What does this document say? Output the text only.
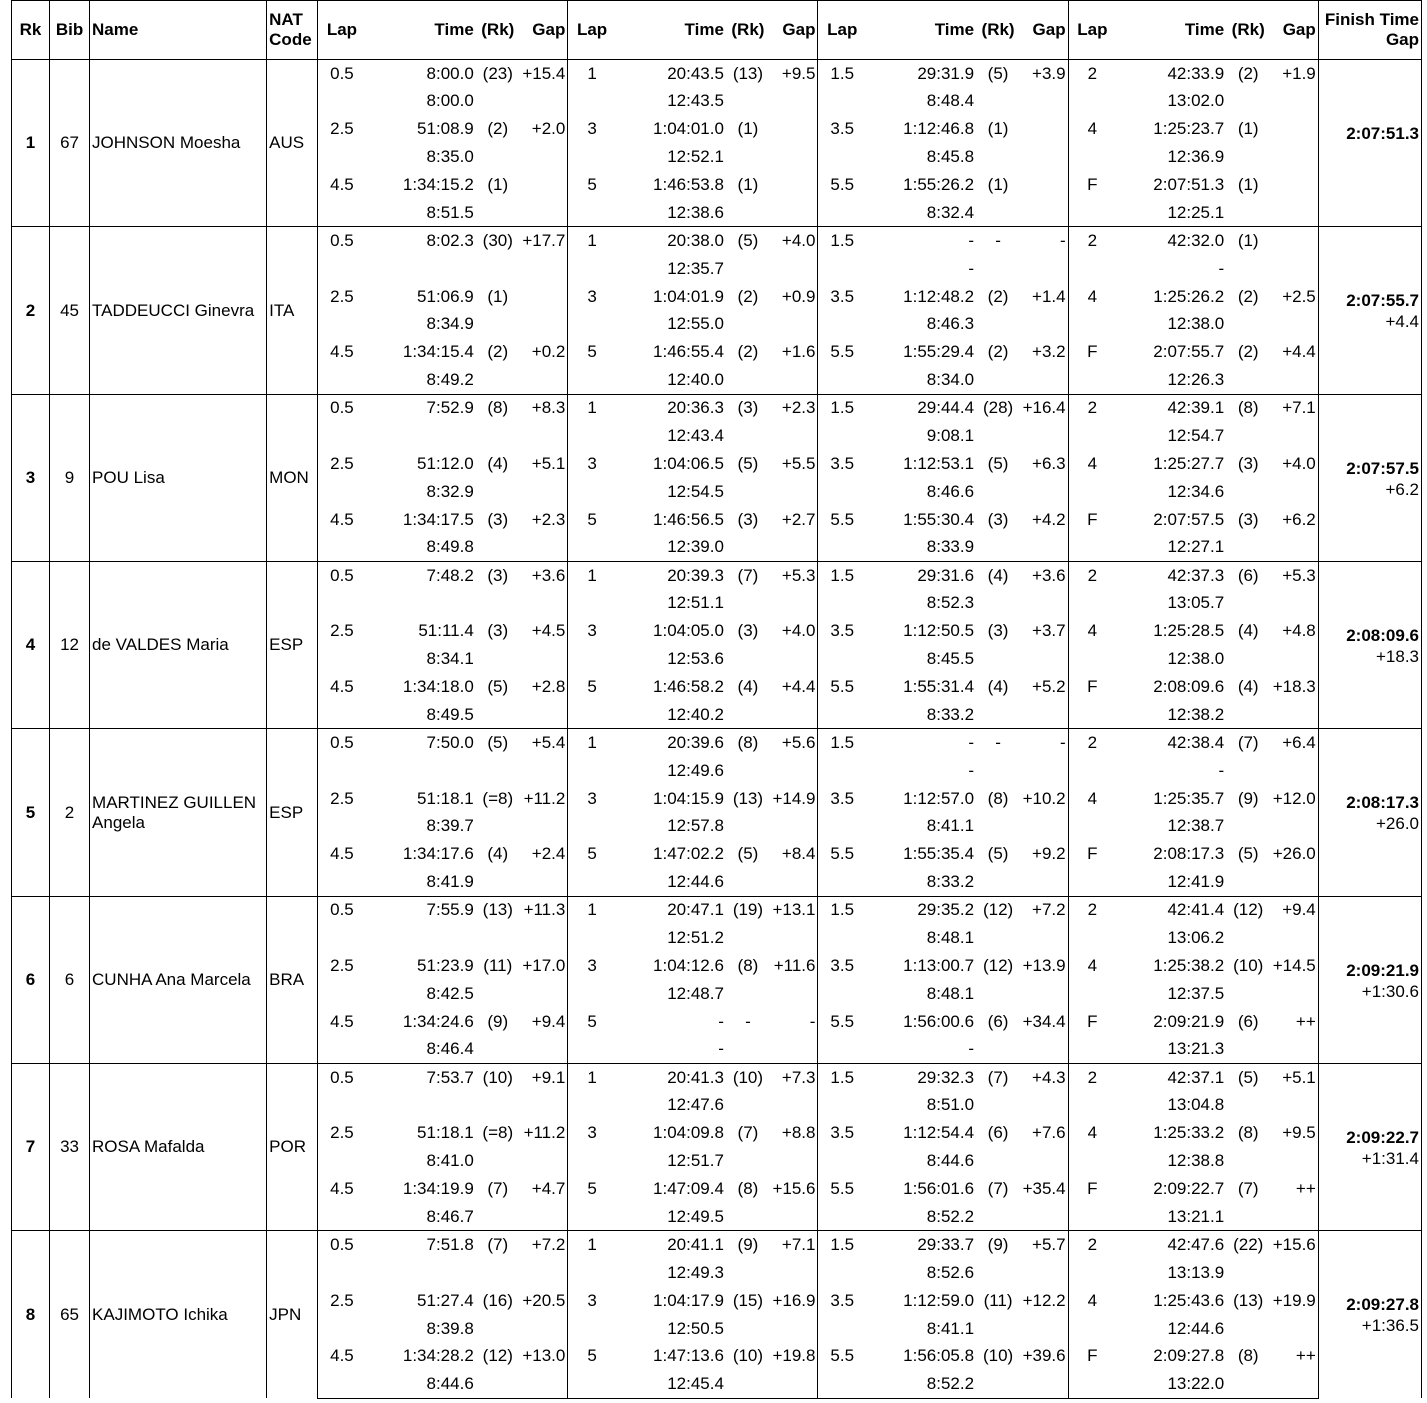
Rk	Bib	Name	NAT
Code	Lap	Time	(Rk)	Gap	Lap	Time	(Rk)	Gap	Lap	Time	(Rk)	Gap	Lap	Time	(Rk)	Gap	Finish Time
Gap
1	67	JOHNSON Moesha	AUS	0.5	8:00.0	(23)	+15.4	1	20:43.5	(13)	+9.5	1.5	29:31.9	(5)	+3.9	2	42:33.9	(2)	+1.9	2:07:51.3

					8:00.0				12:43.5				8:48.4				13:02.0			
				2.5	51:08.9	(2)	+2.0	3	1:04:01.0	(1)		3.5	1:12:46.8	(1)		4	1:25:23.7	(1)		
					8:35.0				12:52.1				8:45.8				12:36.9			
				4.5	1:34:15.2	(1)		5	1:46:53.8	(1)		5.5	1:55:26.2	(1)		F	2:07:51.3	(1)		
					8:51.5				12:38.6				8:32.4				12:25.1			
2	45	TADDEUCCI Ginevra	ITA	0.5	8:02.3	(30)	+17.7	1	20:38.0	(5)	+4.0	1.5	-	-	-	2	42:32.0	(1)		2:07:55.7
+4.4

									12:35.7				-				-			
				2.5	51:06.9	(1)		3	1:04:01.9	(2)	+0.9	3.5	1:12:48.2	(2)	+1.4	4	1:25:26.2	(2)	+2.5	
					8:34.9				12:55.0				8:46.3				12:38.0			
				4.5	1:34:15.4	(2)	+0.2	5	1:46:55.4	(2)	+1.6	5.5	1:55:29.4	(2)	+3.2	F	2:07:55.7	(2)	+4.4	
					8:49.2				12:40.0				8:34.0				12:26.3			
3	9	POU Lisa	MON	0.5	7:52.9	(8)	+8.3	1	20:36.3	(3)	+2.3	1.5	29:44.4	(28)	+16.4	2	42:39.1	(8)	+7.1	2:07:57.5
+6.2

									12:43.4				9:08.1				12:54.7			
				2.5	51:12.0	(4)	+5.1	3	1:04:06.5	(5)	+5.5	3.5	1:12:53.1	(5)	+6.3	4	1:25:27.7	(3)	+4.0	
					8:32.9				12:54.5				8:46.6				12:34.6			
				4.5	1:34:17.5	(3)	+2.3	5	1:46:56.5	(3)	+2.7	5.5	1:55:30.4	(3)	+4.2	F	2:07:57.5	(3)	+6.2	
					8:49.8				12:39.0				8:33.9				12:27.1			
4	12	de VALDES Maria	ESP	0.5	7:48.2	(3)	+3.6	1	20:39.3	(7)	+5.3	1.5	29:31.6	(4)	+3.6	2	42:37.3	(6)	+5.3	2:08:09.6
+18.3

									12:51.1				8:52.3				13:05.7			
				2.5	51:11.4	(3)	+4.5	3	1:04:05.0	(3)	+4.0	3.5	1:12:50.5	(3)	+3.7	4	1:25:28.5	(4)	+4.8	
					8:34.1				12:53.6				8:45.5				12:38.0			
				4.5	1:34:18.0	(5)	+2.8	5	1:46:58.2	(4)	+4.4	5.5	1:55:31.4	(4)	+5.2	F	2:08:09.6	(4)	+18.3	
					8:49.5				12:40.2				8:33.2				12:38.2			
5	2	MARTINEZ GUILLEN Angela	ESP	0.5	7:50.0	(5)	+5.4	1	20:39.6	(8)	+5.6	1.5	-	-	-	2	42:38.4	(7)	+6.4	2:08:17.3
+26.0

									12:49.6				-				-			
				2.5	51:18.1	(=8)	+11.2	3	1:04:15.9	(13)	+14.9	3.5	1:12:57.0	(8)	+10.2	4	1:25:35.7	(9)	+12.0	
					8:39.7				12:57.8				8:41.1				12:38.7			
				4.5	1:34:17.6	(4)	+2.4	5	1:47:02.2	(5)	+8.4	5.5	1:55:35.4	(5)	+9.2	F	2:08:17.3	(5)	+26.0	
					8:41.9				12:44.6				8:33.2				12:41.9			
6	6	CUNHA Ana Marcela	BRA	0.5	7:55.9	(13)	+11.3	1	20:47.1	(19)	+13.1	1.5	29:35.2	(12)	+7.2	2	42:41.4	(12)	+9.4	2:09:21.9
+1:30.6

									12:51.2				8:48.1				13:06.2			
				2.5	51:23.9	(11)	+17.0	3	1:04:12.6	(8)	+11.6	3.5	1:13:00.7	(12)	+13.9	4	1:25:38.2	(10)	+14.5	
					8:42.5				12:48.7				8:48.1				12:37.5			
				4.5	1:34:24.6	(9)	+9.4	5	-	-	-	5.5	1:56:00.6	(6)	+34.4	F	2:09:21.9	(6)	++	
					8:46.4				-				-				13:21.3			
7	33	ROSA Mafalda	POR	0.5	7:53.7	(10)	+9.1	1	20:41.3	(10)	+7.3	1.5	29:32.3	(7)	+4.3	2	42:37.1	(5)	+5.1	2:09:22.7
+1:31.4

									12:47.6				8:51.0				13:04.8			
				2.5	51:18.1	(=8)	+11.2	3	1:04:09.8	(7)	+8.8	3.5	1:12:54.4	(6)	+7.6	4	1:25:33.2	(8)	+9.5	
					8:41.0				12:51.7				8:44.6				12:38.8			
				4.5	1:34:19.9	(7)	+4.7	5	1:47:09.4	(8)	+15.6	5.5	1:56:01.6	(7)	+35.4	F	2:09:22.7	(7)	++	
					8:46.7				12:49.5				8:52.2				13:21.1			
8	65	KAJIMOTO Ichika	JPN	0.5	7:51.8	(7)	+7.2	1	20:41.1	(9)	+7.1	1.5	29:33.7	(9)	+5.7	2	42:47.6	(22)	+15.6	2:09:27.8
+1:36.5

									12:49.3				8:52.6				13:13.9			
				2.5	51:27.4	(16)	+20.5	3	1:04:17.9	(15)	+16.9	3.5	1:12:59.0	(11)	+12.2	4	1:25:43.6	(13)	+19.9	
					8:39.8				12:50.5				8:41.1				12:44.6			
				4.5	1:34:28.2	(12)	+13.0	5	1:47:13.6	(10)	+19.8	5.5	1:56:05.8	(10)	+39.6	F	2:09:27.8	(8)	++	
					8:44.6				12:45.4				8:52.2				13:22.0			
